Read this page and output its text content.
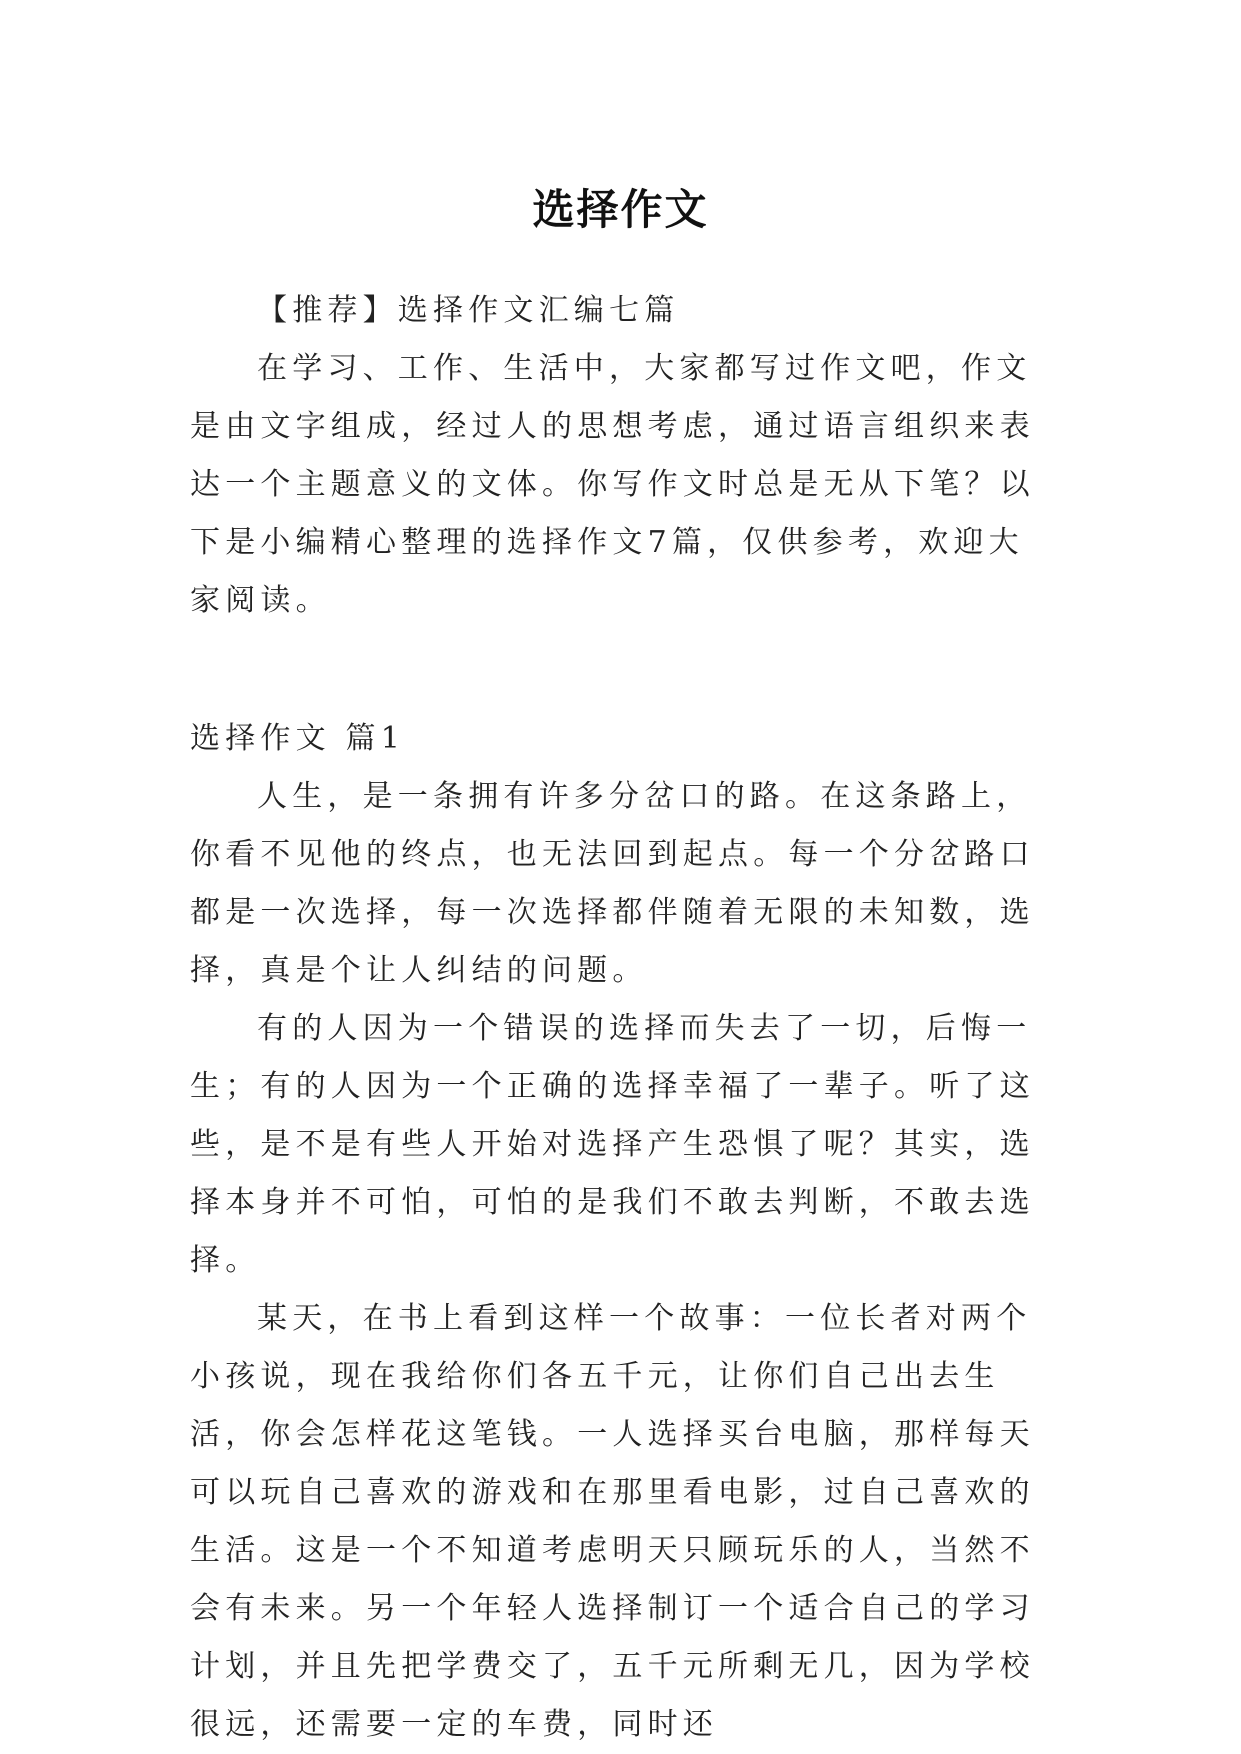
选择作文

【推荐】选择作文汇编七篇

在学习、工作、生活中，大家都写过作文吧，作文是由文字组成，经过人的思想考虑，通过语言组织来表达一个主题意义的文体。你写作文时总是无从下笔？以下是小编精心整理的选择作文7篇，仅供参考，欢迎大家阅读。

选择作文 篇1

人生，是一条拥有许多分岔口的路。在这条路上，你看不见他的终点，也无法回到起点。每一个分岔路口都是一次选择，每一次选择都伴随着无限的未知数，选择，真是个让人纠结的问题。

有的人因为一个错误的选择而失去了一切，后悔一生；有的人因为一个正确的选择幸福了一辈子。听了这些，是不是有些人开始对选择产生恐惧了呢？其实，选择本身并不可怕，可怕的是我们不敢去判断，不敢去选择。

某天，在书上看到这样一个故事：一位长者对两个小孩说，现在我给你们各五千元，让你们自己出去生活，你会怎样花这笔钱。一人选择买台电脑，那样每天可以玩自己喜欢的游戏和在那里看电影，过自己喜欢的生活。这是一个不知道考虑明天只顾玩乐的人，当然不会有未来。另一个年轻人选择制订一个适合自己的学习计划，并且先把学费交了，五千元所剩无几，因为学校很远，还需要一定的车费，同时还
